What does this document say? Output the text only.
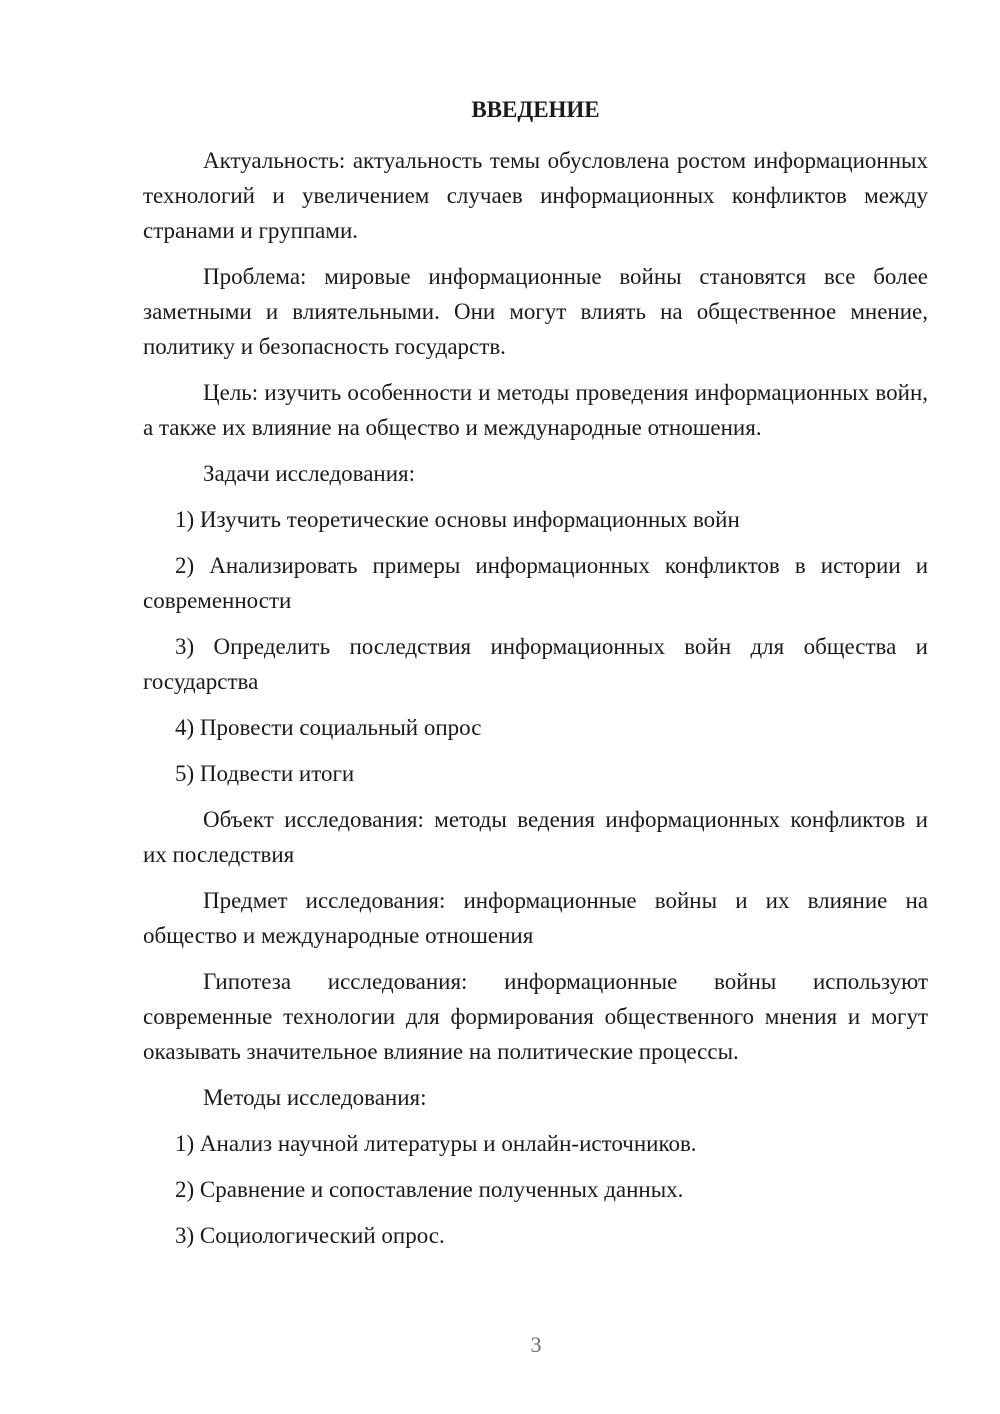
ВВЕДЕНИЕ
Актуальность: актуальность темы обусловлена ростом информационных технологий и увеличением случаев информационных конфликтов между странами и группами.
Проблема: мировые информационные войны становятся все более заметными и влиятельными. Они могут влиять на общественное мнение, политику и безопасность государств.
Цель: изучить особенности и методы проведения информационных войн, а также их влияние на общество и международные отношения.
Задачи исследования:
1) Изучить теоретические основы информационных войн
2) Анализировать примеры информационных конфликтов в истории и современности
3) Определить последствия информационных войн для общества и государства
4) Провести социальный опрос
5) Подвести итоги
Объект исследования: методы ведения информационных конфликтов и их последствия
Предмет исследования: информационные войны и их влияние на общество и международные отношения
Гипотеза исследования: информационные войны используют современные технологии для формирования общественного мнения и могут оказывать значительное влияние на политические процессы.
Методы исследования:
1) Анализ научной литературы и онлайн-источников.
2) Сравнение и сопоставление полученных данных.
3) Социологический опрос.
3
